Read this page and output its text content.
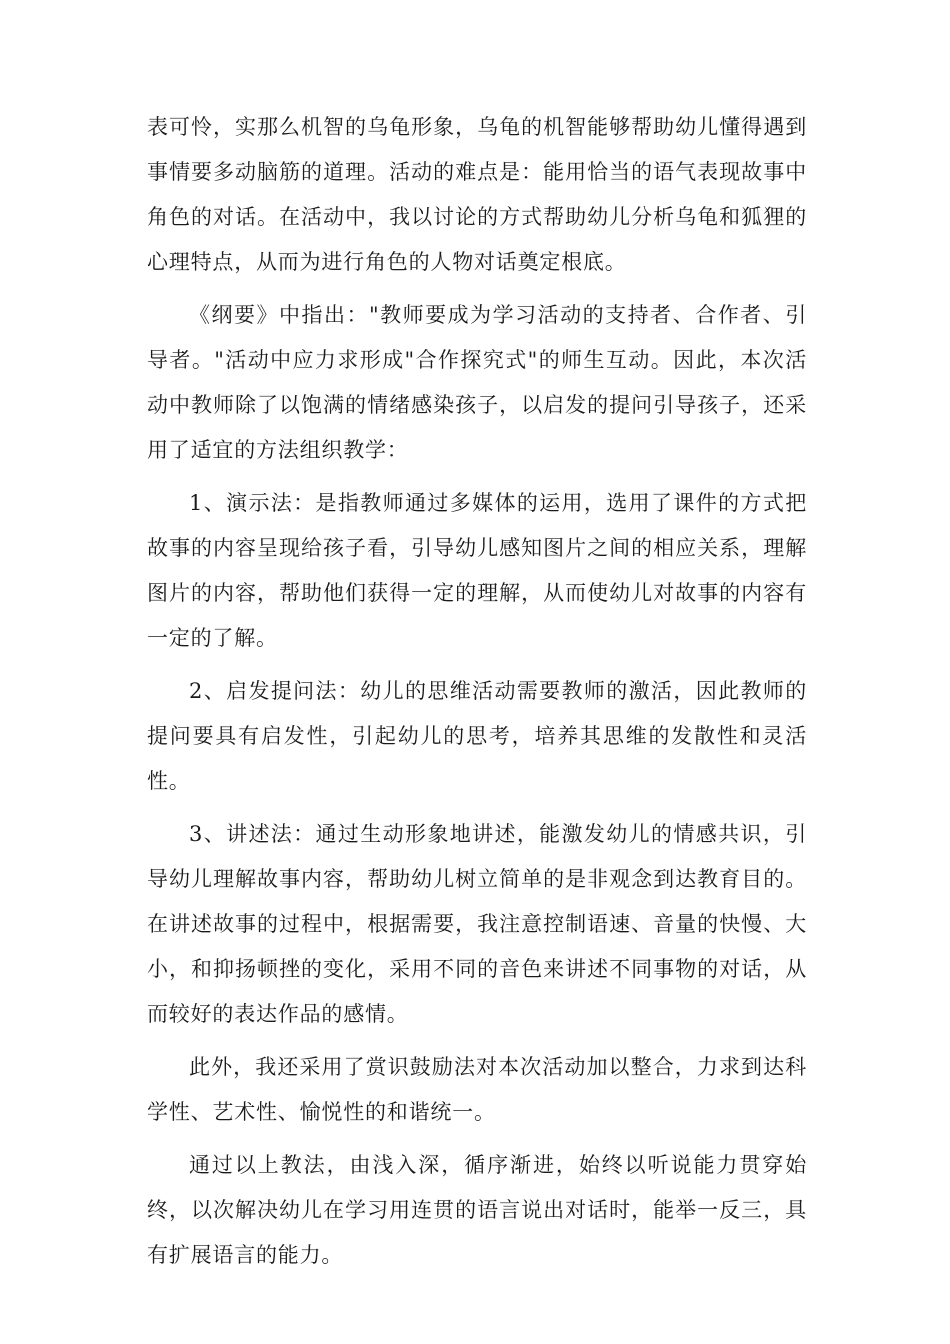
表可怜，实那么机智的乌龟形象，乌龟的机智能够帮助幼儿懂得遇到事情要多动脑筋的道理。活动的难点是：能用恰当的语气表现故事中角色的对话。在活动中，我以讨论的方式帮助幼儿分析乌龟和狐狸的心理特点，从而为进行角色的人物对话奠定根底。

《纲要》中指出："教师要成为学习活动的支持者、合作者、引导者。"活动中应力求形成"合作探究式"的师生互动。因此，本次活动中教师除了以饱满的情绪感染孩子，以启发的提问引导孩子，还采用了适宜的方法组织教学：

1、演示法：是指教师通过多媒体的运用，选用了课件的方式把故事的内容呈现给孩子看，引导幼儿感知图片之间的相应关系，理解图片的内容，帮助他们获得一定的理解，从而使幼儿对故事的内容有一定的了解。

2、启发提问法：幼儿的思维活动需要教师的激活，因此教师的提问要具有启发性，引起幼儿的思考，培养其思维的发散性和灵活性。

3、讲述法：通过生动形象地讲述，能激发幼儿的情感共识，引导幼儿理解故事内容，帮助幼儿树立简单的是非观念到达教育目的。在讲述故事的过程中，根据需要，我注意控制语速、音量的快慢、大小，和抑扬顿挫的变化，采用不同的音色来讲述不同事物的对话，从而较好的表达作品的感情。

此外，我还采用了赏识鼓励法对本次活动加以整合，力求到达科学性、艺术性、愉悦性的和谐统一。

通过以上教法，由浅入深，循序渐进，始终以听说能力贯穿始终，以次解决幼儿在学习用连贯的语言说出对话时，能举一反三，具有扩展语言的能力。
